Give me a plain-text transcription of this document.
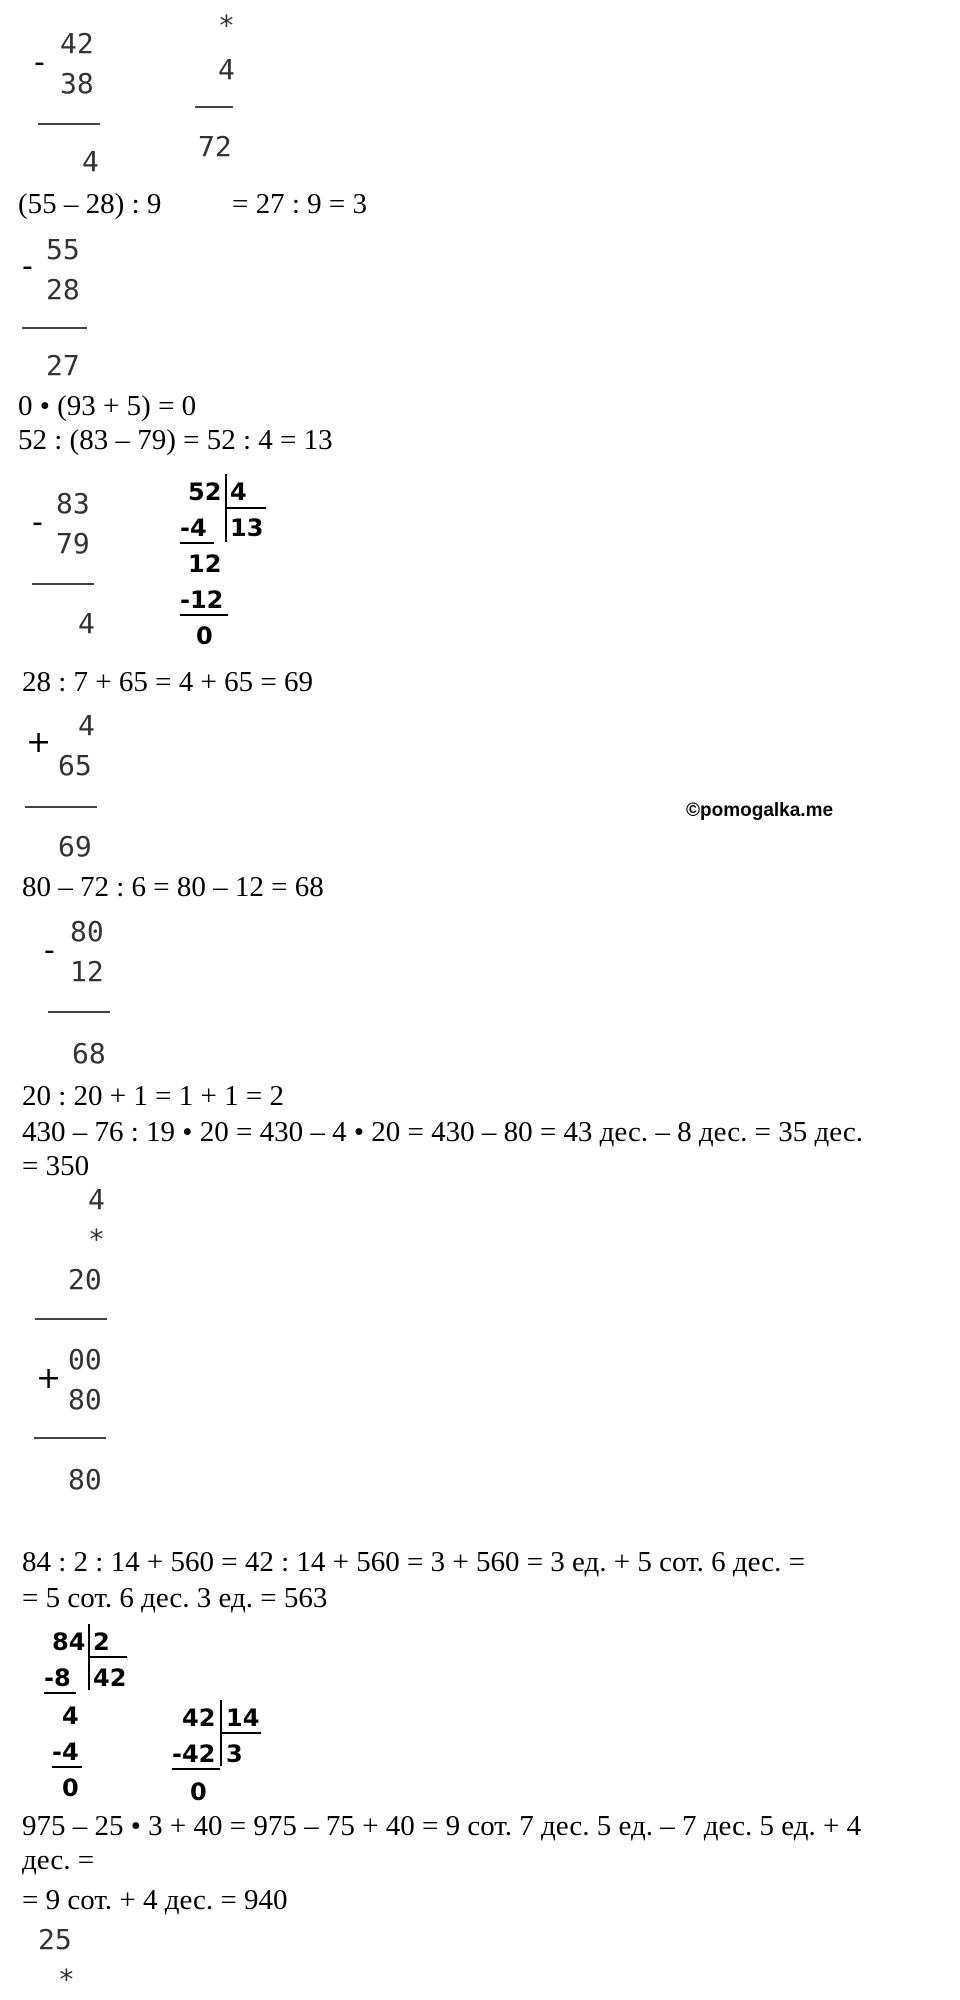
-
42
38
4
*
4
72
(55 – 28) : 9 = 27 : 9 = 3
- 55
28
27
0 • (93 + 5) = 0
52 : (83 – 79) = 52 : 4 = 13
-
83
79
4
52 4
-4 13
12
-12
0
28 : 7 + 65 = 4 + 65 = 69
+ 4
65
69
©pomogalka.me
80 – 72 : 6 = 80 – 12 = 68
-
80
12
68
20 : 20 + 1 = 1 + 1 = 2
430 – 76 : 19 • 20 = 430 – 4 • 20 = 430 – 80 = 43 дес. – 8 дес. = 35 дес.
= 350
4
*
20
+
00
80
80
84 : 2 : 14 + 560 = 42 : 14 + 560 = 3 + 560 = 3 ед. + 5 сот. 6 дес. =
= 5 сот. 6 дес. 3 ед. = 563
84 2
-8 42
4
-4
0
42 14
-42 3
0
975 – 25 • 3 + 40 = 975 – 75 + 40 = 9 сот. 7 дес. 5 ед. – 7 дес. 5 ед. + 4
дес. =
= 9 сот. + 4 дес. = 940
25
*
